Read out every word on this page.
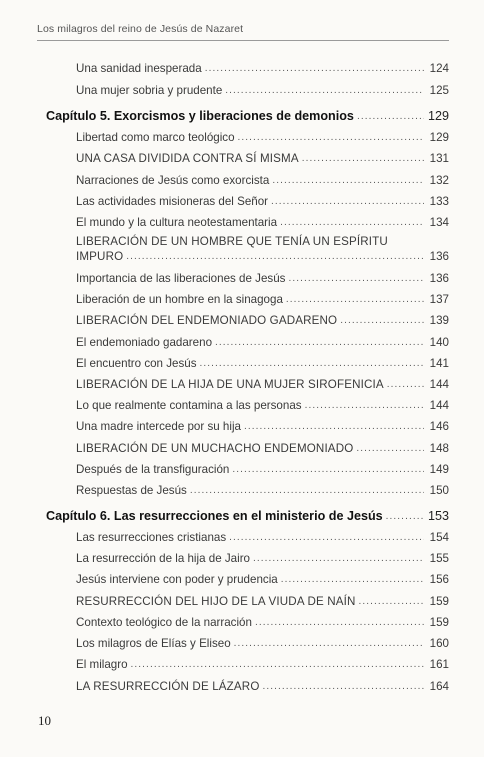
Los milagros del reino de Jesús de Nazaret
Una sanidad inesperada .....	124
Una mujer sobria y prudente .....	125
Capítulo 5. Exorcismos y liberaciones de demonios .....	129
Libertad como marco teológico .....	129
UNA CASA DIVIDIDA CONTRA SÍ MISMA .....	131
Narraciones de Jesús como exorcista .....	132
Las actividades misioneras del Señor .....	133
El mundo y la cultura neotestamentaria .....	134
LIBERACIÓN DE UN HOMBRE QUE TENÍA UN ESPÍRITU
IMPURO .....	136
Importancia de las liberaciones de Jesús .....	136
Liberación de un hombre en la sinagoga .....	137
LIBERACIÓN DEL ENDEMONIADO GADARENO .....	139
El endemoniado gadareno .....	140
El encuentro con Jesús .....	141
LIBERACIÓN DE LA HIJA DE UNA MUJER SIROFENICIA .....	144
Lo que realmente contamina a las personas .....	144
Una madre intercede por su hija .....	146
LIBERACIÓN DE UN MUCHACHO ENDEMONIADO .....	148
Después de la transfiguración .....	149
Respuestas de Jesús .....	150
Capítulo 6. Las resurrecciones en el ministerio de Jesús .....	153
Las resurrecciones cristianas .....	154
La resurrección de la hija de Jairo .....	155
Jesús interviene con poder y prudencia .....	156
RESURRECCIÓN DEL HIJO DE LA VIUDA DE NAÍN .....	159
Contexto teológico de la narración .....	159
Los milagros de Elías y Eliseo .....	160
El milagro .....	161
LA RESURRECCIÓN DE LÁZARO .....	164
10
